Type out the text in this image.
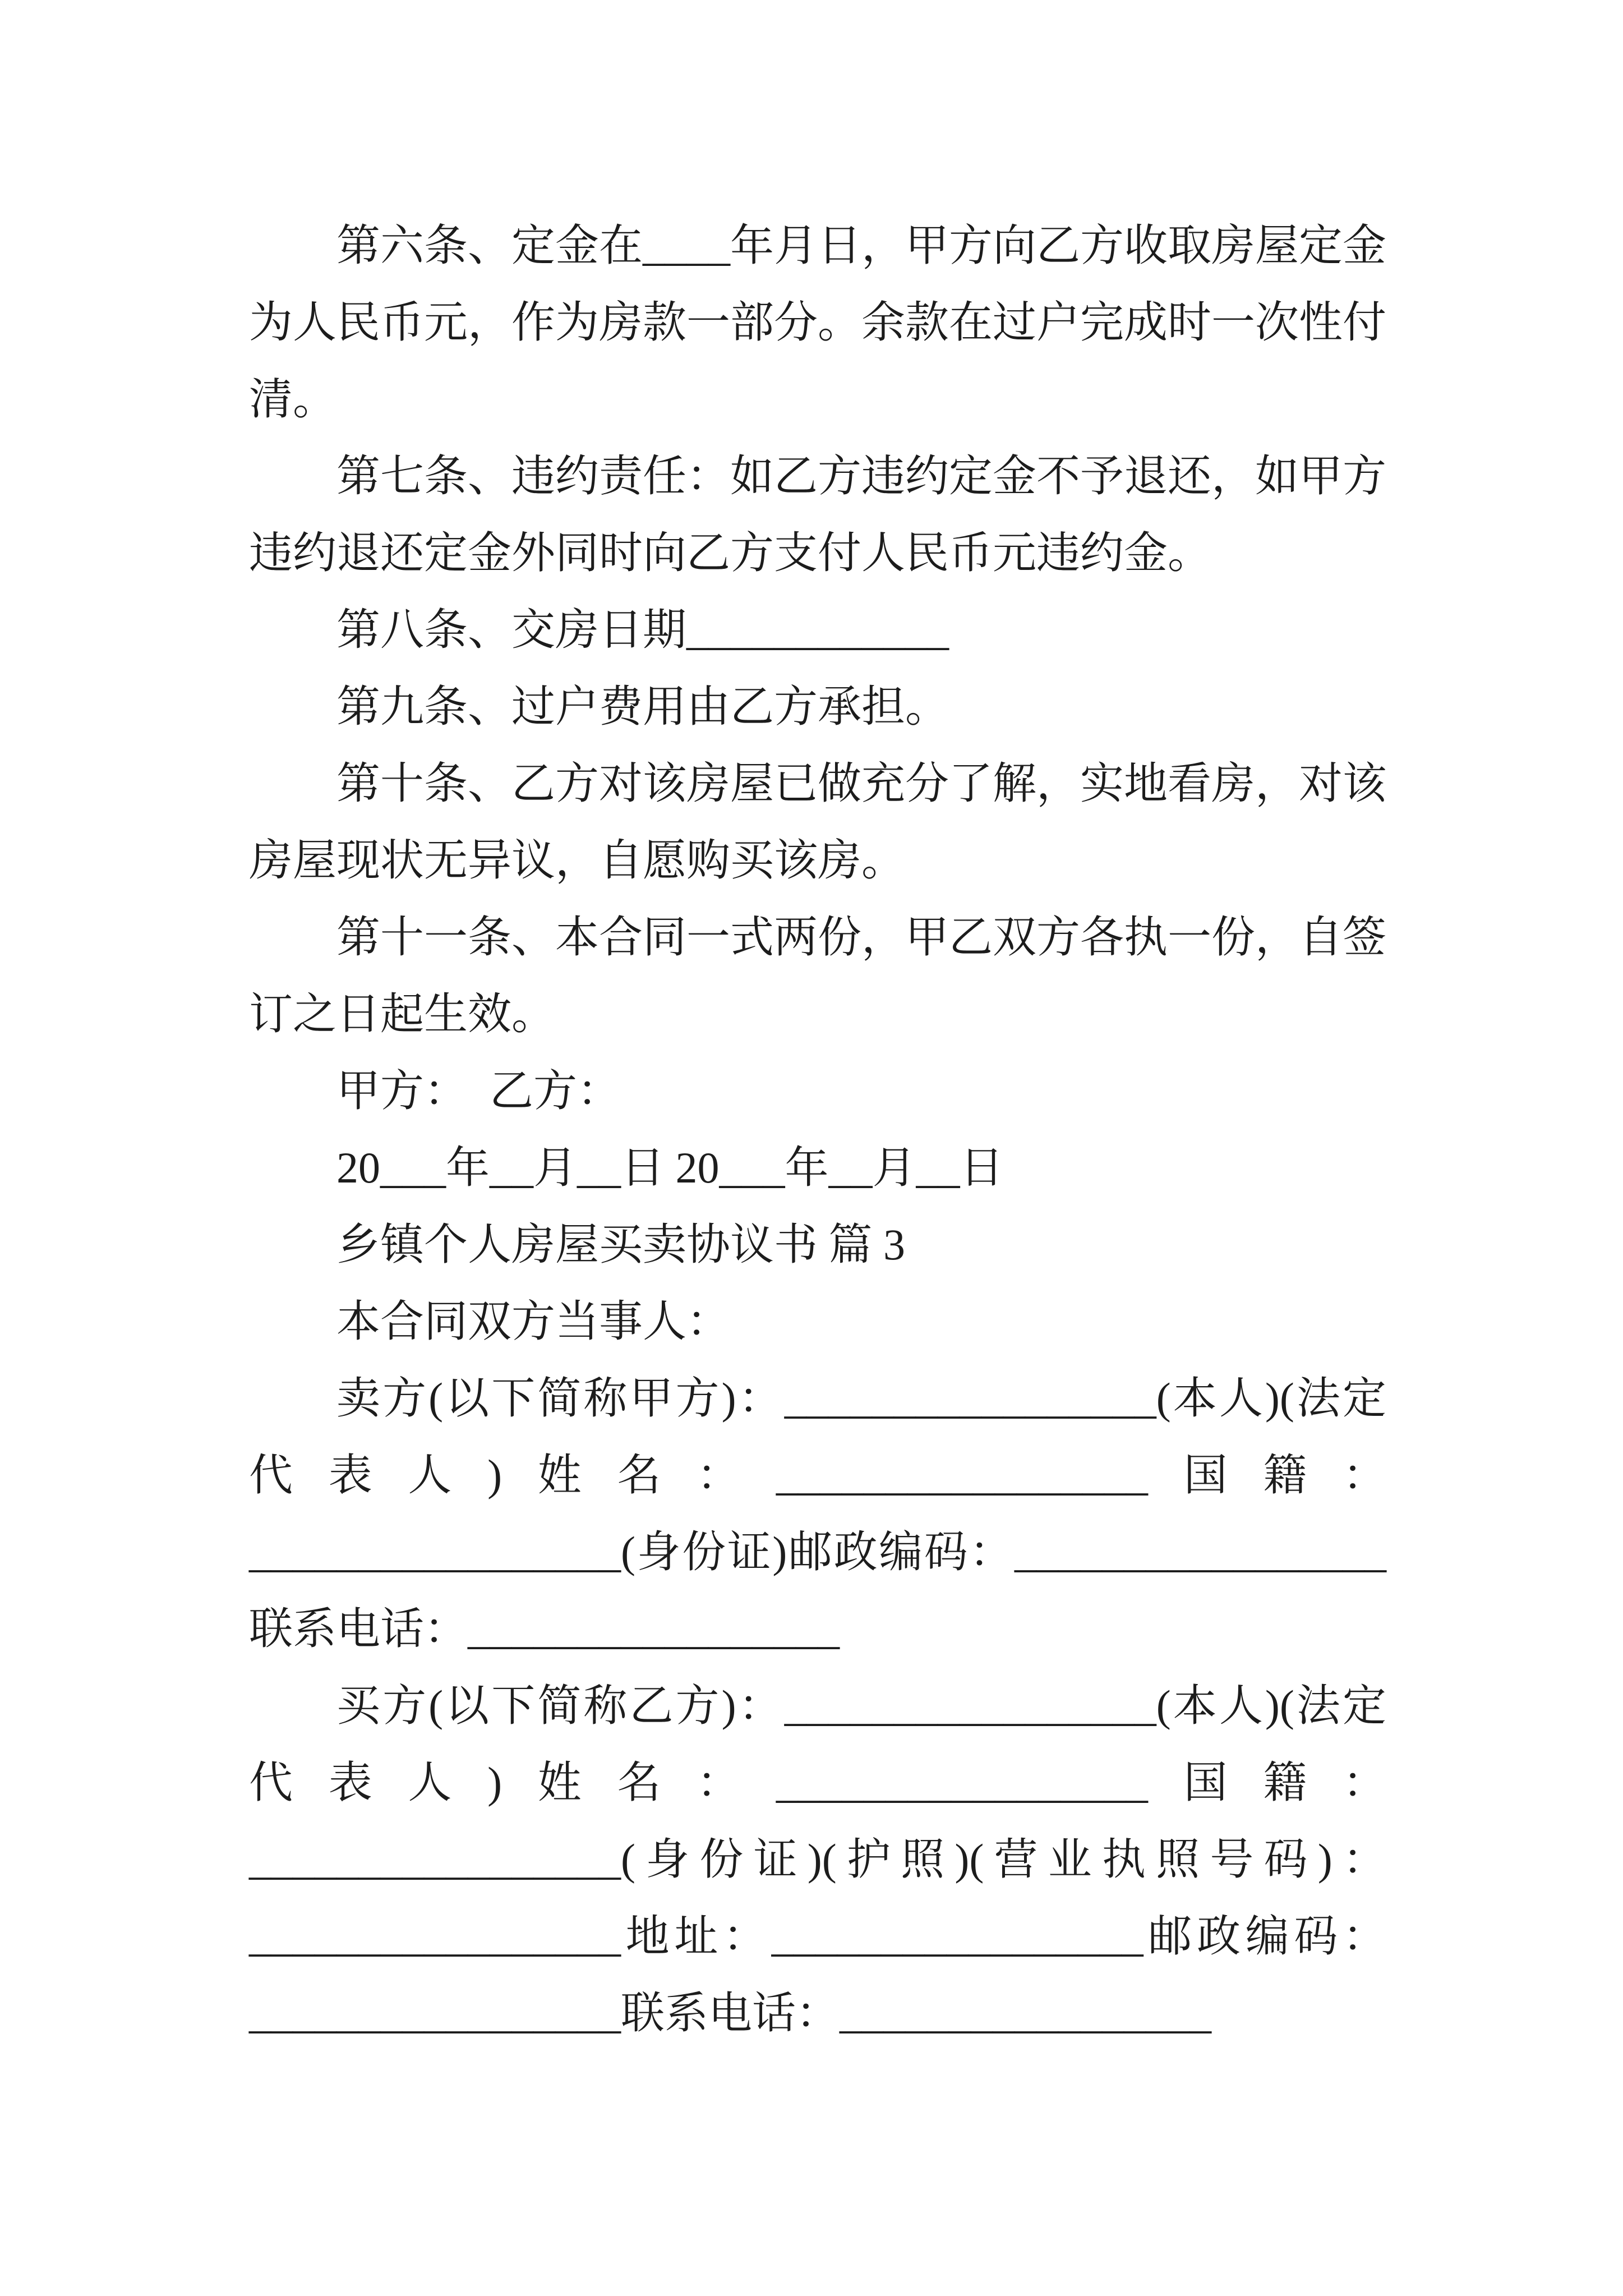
第六条、定金在____年月日，甲方向乙方收取房屋定金
为人民币元，作为房款一部分。余款在过户完成时一次性付
清。
第七条、违约责任：如乙方违约定金不予退还，如甲方
违约退还定金外同时向乙方支付人民币元违约金。
第八条、交房日期____________
第九条、过户费用由乙方承担。
第十条、乙方对该房屋已做充分了解，实地看房，对该
房屋现状无异议，自愿购买该房。
第十一条、本合同一式两份，甲乙双方各执一份，自签
订之日起生效。
甲方：  乙方：
20___年__月__日 20___年__月__日
乡镇个人房屋买卖协议书 篇 3
本合同双方当事人：
卖方(以下简称甲方)：_________________(本人)(法定
代表人)姓名：_________________国籍：
_________________(身份证)邮政编码：_________________
联系电话：_________________
买方(以下简称乙方)：_________________(本人)(法定
代表人)姓名：_________________国籍：
_________________(身份证)(护照)(营业执照号码)：
_________________地址：_________________邮政编码：
_________________联系电话：_________________
